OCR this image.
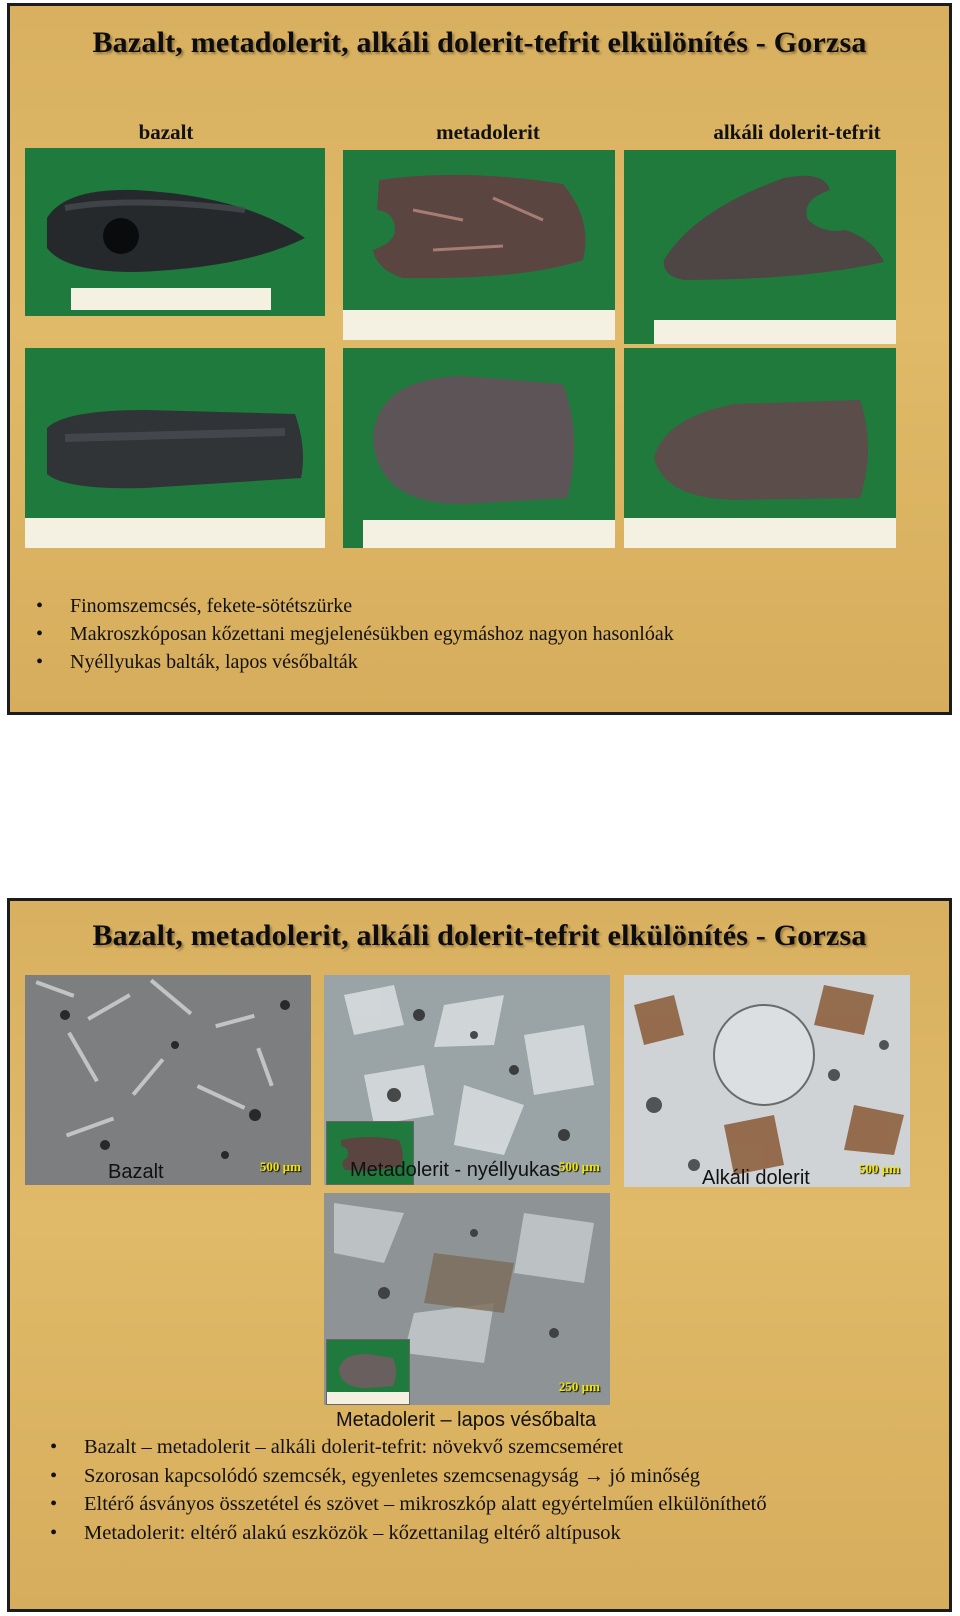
Bazalt, metadolerit, alkáli dolerit-tefrit elkülönítés - Gorzsa
bazalt	metadolerit	alkáli dolerit-tefrit
• Finomszemcsés, fekete-sötétszürke
• Makroszkóposan kőzettani megjelenésükben egymáshoz nagyon hasonlóak
• Nyéllyukas balták, lapos vésőbalták
Bazalt, metadolerit, alkáli dolerit-tefrit elkülönítés - Gorzsa
500 µm	500 µm	500 µm
Bazalt	Metadolerit - nyéllyukas	Alkáli dolerit
250 µm
Metadolerit – lapos vésőbalta
• Bazalt – metadolerit – alkáli dolerit-tefrit: növekvő szemcseméret
• Szorosan kapcsolódó szemcsék, egyenletes szemcsenagyság → jó minőség
• Eltérő ásványos összetétel és szövet – mikroszkóp alatt egyértelműen elkülöníthető
• Metadolerit: eltérő alakú eszközök – kőzettanilag eltérő altípusok
